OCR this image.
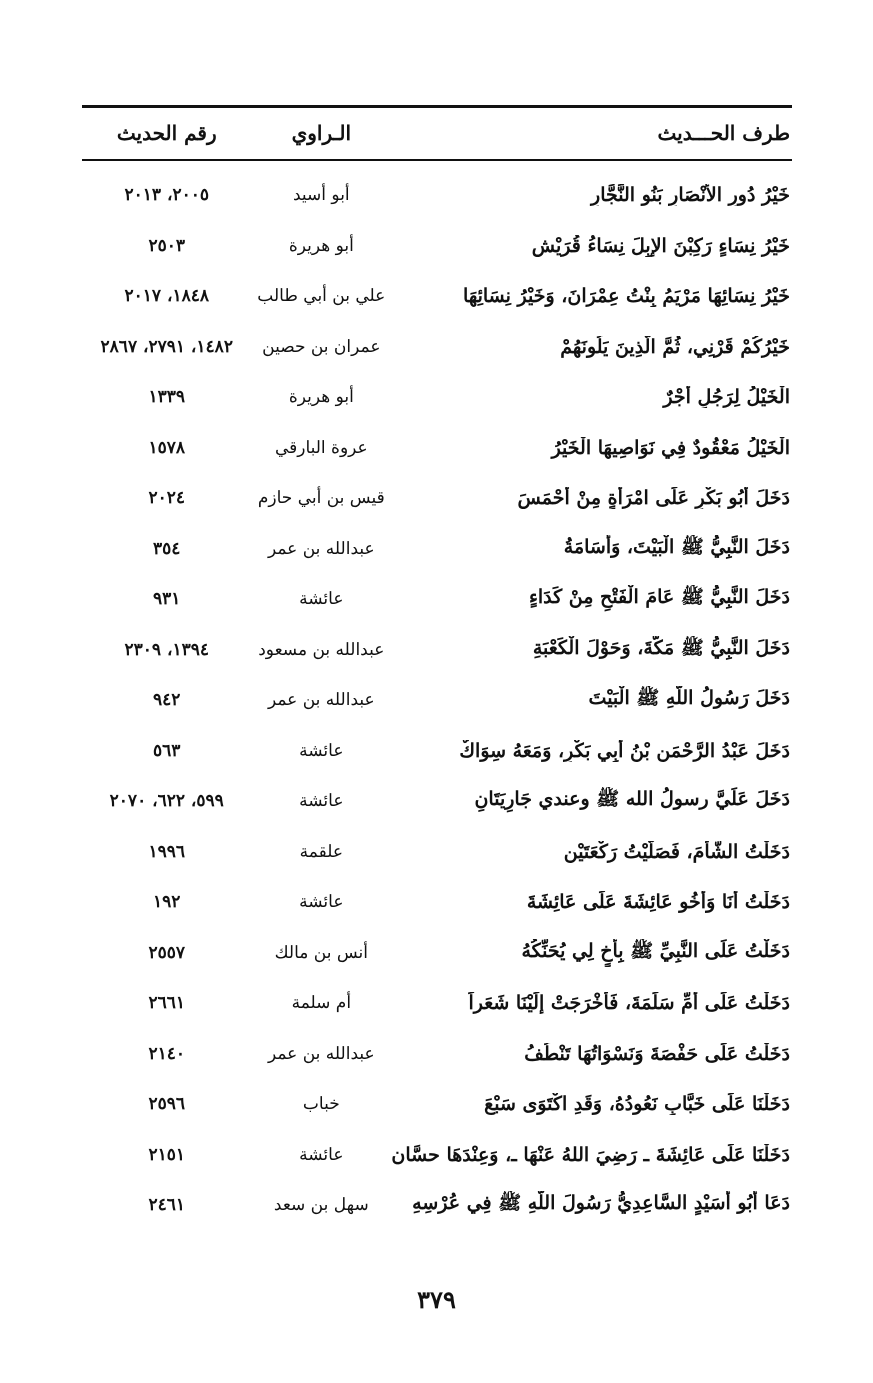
طرف الحـــديث
الـراوي
رقم الحديث
خَيْرُ دُورِ الأَنْصَارِ بَنُو النَّجَّارِ
أبو أسيد
٢٠٠٥، ٢٠١٣
خَيْرُ نِسَاءٍ رَكِبْنَ الإِبِلَ نِسَاءُ قُرَيْشٍ
أبو هريرة
٢٥٠٣
خَيْرُ نِسَائِهَا مَرْيَمُ بِنْتُ عِمْرَانَ، وَخَيْرُ نِسَائِهَا
علي بن أبي طالب
١٨٤٨، ٢٠١٧
خَيْرُكُمْ قَرْنِي، ثُمَّ الَّذِينَ يَلُونَهُمْ
عمران بن حصين
١٤٨٢، ٢٧٩١، ٢٨٦٧
الْخَيْلُ لِرَجُلٍ أَجْرٌ
أبو هريرة
١٣٣٩
الْخَيْلُ مَعْقُودٌ فِي نَوَاصِيهَا الْخَيْرُ
عروة البارقي
١٥٧٨
دَخَلَ أَبُو بَكْرٍ عَلَى امْرَأَةٍ مِنْ أَحْمَسَ
قيس بن أبي حازم
٢٠٢٤
دَخَلَ النَّبِيُّ ﷺ الْبَيْتَ، وَأُسَامَةُ
عبدالله بن عمر
٣٥٤
دَخَلَ النَّبِيُّ ﷺ عَامَ الْفَتْحِ مِنْ كَدَاءٍ
عائشة
٩٣١
دَخَلَ النَّبِيُّ ﷺ مَكَّةَ، وَحَوْلَ الْكَعْبَةِ
عبدالله بن مسعود
١٣٩٤، ٢٣٠٩
دَخَلَ رَسُولُ اللَّهِ ﷺ الْبَيْتَ
عبدالله بن عمر
٩٤٢
دَخَلَ عَبْدُ الرَّحْمَنِ بْنُ أَبِي بَكْرٍ، وَمَعَهُ سِوَاكٌ
عائشة
٥٦٣
دَخَلَ عَلَيَّ رسولُ الله ﷺ وعندي جَارِيَتَانِ
عائشة
٥٩٩، ٦٢٢، ٢٠٧٠
دَخَلْتُ الشَّأْمَ، فَصَلَّيْتُ رَكْعَتَيْنِ
علقمة
١٩٩٦
دَخَلْتُ أَنَا وَأَخُو عَائِشَةَ عَلَى عَائِشَةَ
عائشة
١٩٢
دَخَلْتُ عَلَى النَّبِيِّ ﷺ بِأَخٍ لِي يُحَنِّكُهُ
أنس بن مالك
٢٥٥٧
دَخَلْتُ عَلَى أُمِّ سَلَمَةَ، فَأَخْرَجَتْ إِلَيْنَا شَعَراً
أم سلمة
٢٦٦١
دَخَلْتُ عَلَى حَفْصَةَ وَنَسْوَاتُهَا تَنْطُفُ
عبدالله بن عمر
٢١٤٠
دَخَلْنَا عَلَى خَبَّابٍ نَعُودُهُ، وَقَدِ اكْتَوَى سَبْعَ
خباب
٢٥٩٦
دَخَلْنَا عَلَى عَائِشَةَ ـ رَضِيَ اللهُ عَنْهَا ـ، وَعِنْدَهَا حسَّان
عائشة
٢١٥١
دَعَا أَبُو أُسَيْدٍ السَّاعِدِيُّ رَسُولَ اللَّهِ ﷺ فِي عُرْسِهِ
سهل بن سعد
٢٤٦١
٣٧٩
